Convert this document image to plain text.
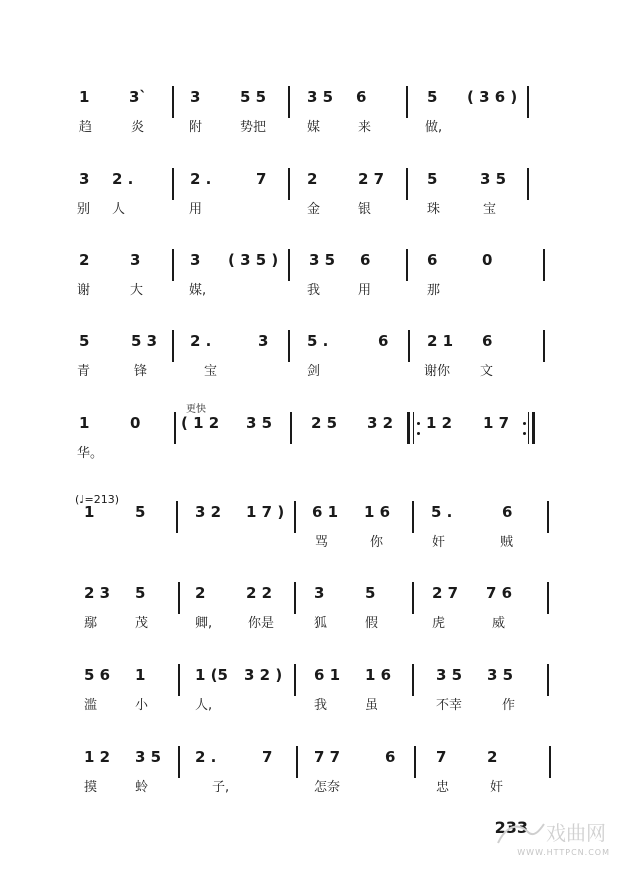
1	3ˋ	3	5 5	3 5 6	5 ( 3 6 )
趋	炎	附	势把	媒	来	做,
3 2 .	2 .	7	2	2 7	5	3 5
别 人	用	金	银	珠	宝
2	3	3 ( 3 5 ) 3 5 6	6	0
谢	大	媒,	我	用	那
5	5 3 2 .	3	5 .	6	2 1 6
青	锋	宝	剑	谢你 文
更快
1	0	( 1 2 3 5	2 5 3 2 1 2 1 7
华。
(♩=213)
1	5	3 2 1 7 ) 6 1 1 6	5 .	6
骂	你	奸	贼
2 3 5	2	2 2	3	5	2 7 7 6
鄢	茂	卿,	你是	狐	假	虎	威
5 6 1	1 (5 3 2 ) 6 1 1 6	3 5 3 5
滥	小	人,	我	虽	不幸	作
1 2 3 5 2 .	7	7 7	6	7	2
摸	蛉	子,	怎奈	忠	奸
233 戏曲网
WWW.HTTPCN.COM
